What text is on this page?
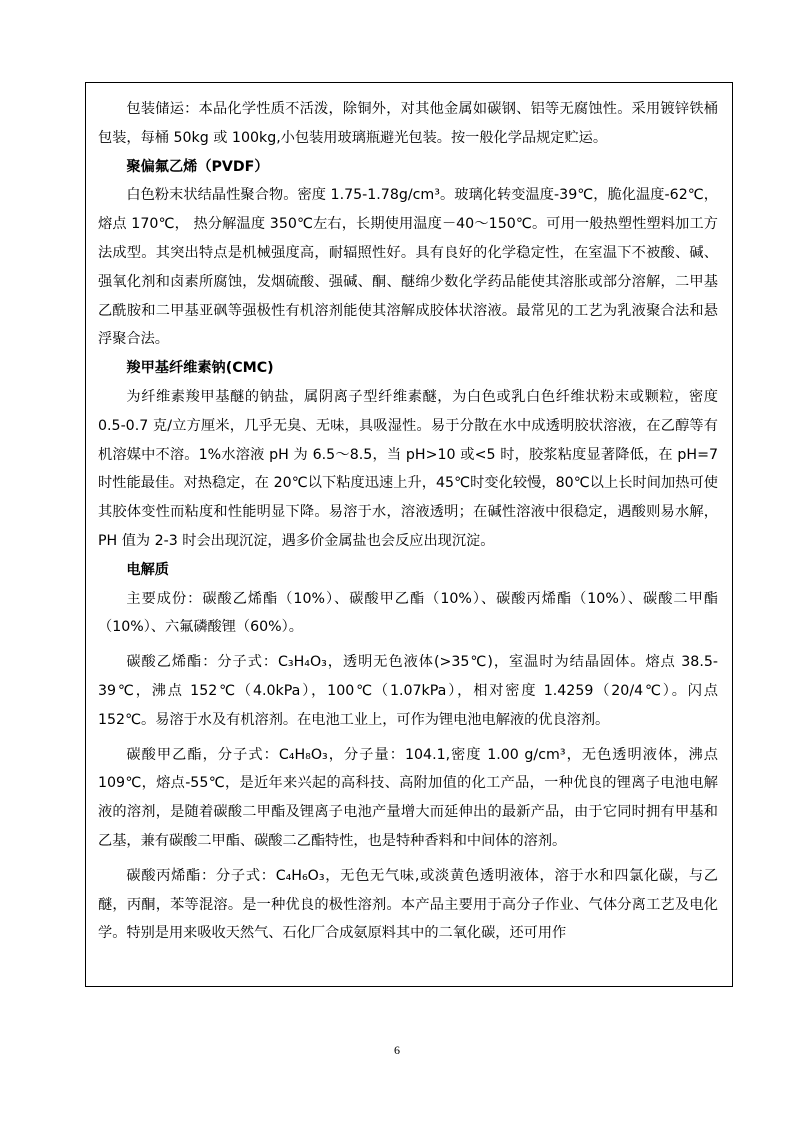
包装储运：本品化学性质不活泼，除铜外，对其他金属如碳钢、铝等无腐蚀性。采用镀锌铁桶包装，每桶 50kg 或 100kg,小包装用玻璃瓶避光包装。按一般化学品规定贮运。

聚偏氟乙烯（PVDF）

白色粉末状结晶性聚合物。密度 1.75-1.78g/cm³。玻璃化转变温度-39℃，脆化温度-62℃，熔点 170℃， 热分解温度 350℃左右，长期使用温度－40～150℃。可用一般热塑性塑料加工方法成型。其突出特点是机械强度高，耐辐照性好。具有良好的化学稳定性，在室温下不被酸、碱、强氧化剂和卤素所腐蚀，发烟硫酸、强碱、酮、醚绵少数化学药品能使其溶胀或部分溶解，二甲基乙酰胺和二甲基亚砜等强极性有机溶剂能使其溶解成胶体状溶液。最常见的工艺为乳液聚合法和悬浮聚合法。

羧甲基纤维素钠(CMC)

为纤维素羧甲基醚的钠盐，属阴离子型纤维素醚，为白色或乳白色纤维状粉末或颗粒，密度 0.5-0.7 克/立方厘米，几乎无臭、无味，具吸湿性。易于分散在水中成透明胶状溶液，在乙醇等有机溶媒中不溶。1%水溶液 pH 为 6.5～8.5，当 pH>10 或<5 时，胶浆粘度显著降低，在 pH=7 时性能最佳。对热稳定，在 20℃以下粘度迅速上升，45℃时变化较慢，80℃以上长时间加热可使其胶体变性而粘度和性能明显下降。易溶于水，溶液透明；在碱性溶液中很稳定，遇酸则易水解，PH 值为 2-3 时会出现沉淀，遇多价金属盐也会反应出现沉淀。

电解质

主要成份：碳酸乙烯酯（10%）、碳酸甲乙酯（10%）、碳酸丙烯酯（10%）、碳酸二甲酯（10%）、六氟磷酸锂（60%）。

碳酸乙烯酯：分子式：C₃H₄O₃，透明无色液体(>35℃)，室温时为结晶固体。熔点 38.5-39℃，沸点 152℃（4.0kPa），100℃（1.07kPa），相对密度 1.4259（20/4℃）。闪点 152℃。易溶于水及有机溶剂。在电池工业上，可作为锂电池电解液的优良溶剂。

碳酸甲乙酯，分子式：C₄H₈O₃，分子量：104.1,密度 1.00 g/cm³，无色透明液体，沸点 109℃，熔点-55℃，是近年来兴起的高科技、高附加值的化工产品，一种优良的锂离子电池电解液的溶剂，是随着碳酸二甲酯及锂离子电池产量增大而延伸出的最新产品，由于它同时拥有甲基和乙基，兼有碳酸二甲酯、碳酸二乙酯特性，也是特种香料和中间体的溶剂。

碳酸丙烯酯：分子式：C₄H₆O₃，无色无气味,或淡黄色透明液体，溶于水和四氯化碳，与乙醚，丙酮，苯等混溶。是一种优良的极性溶剂。本产品主要用于高分子作业、气体分离工艺及电化学。特别是用来吸收天然气、石化厂合成氨原料其中的二氧化碳，还可用作

6
